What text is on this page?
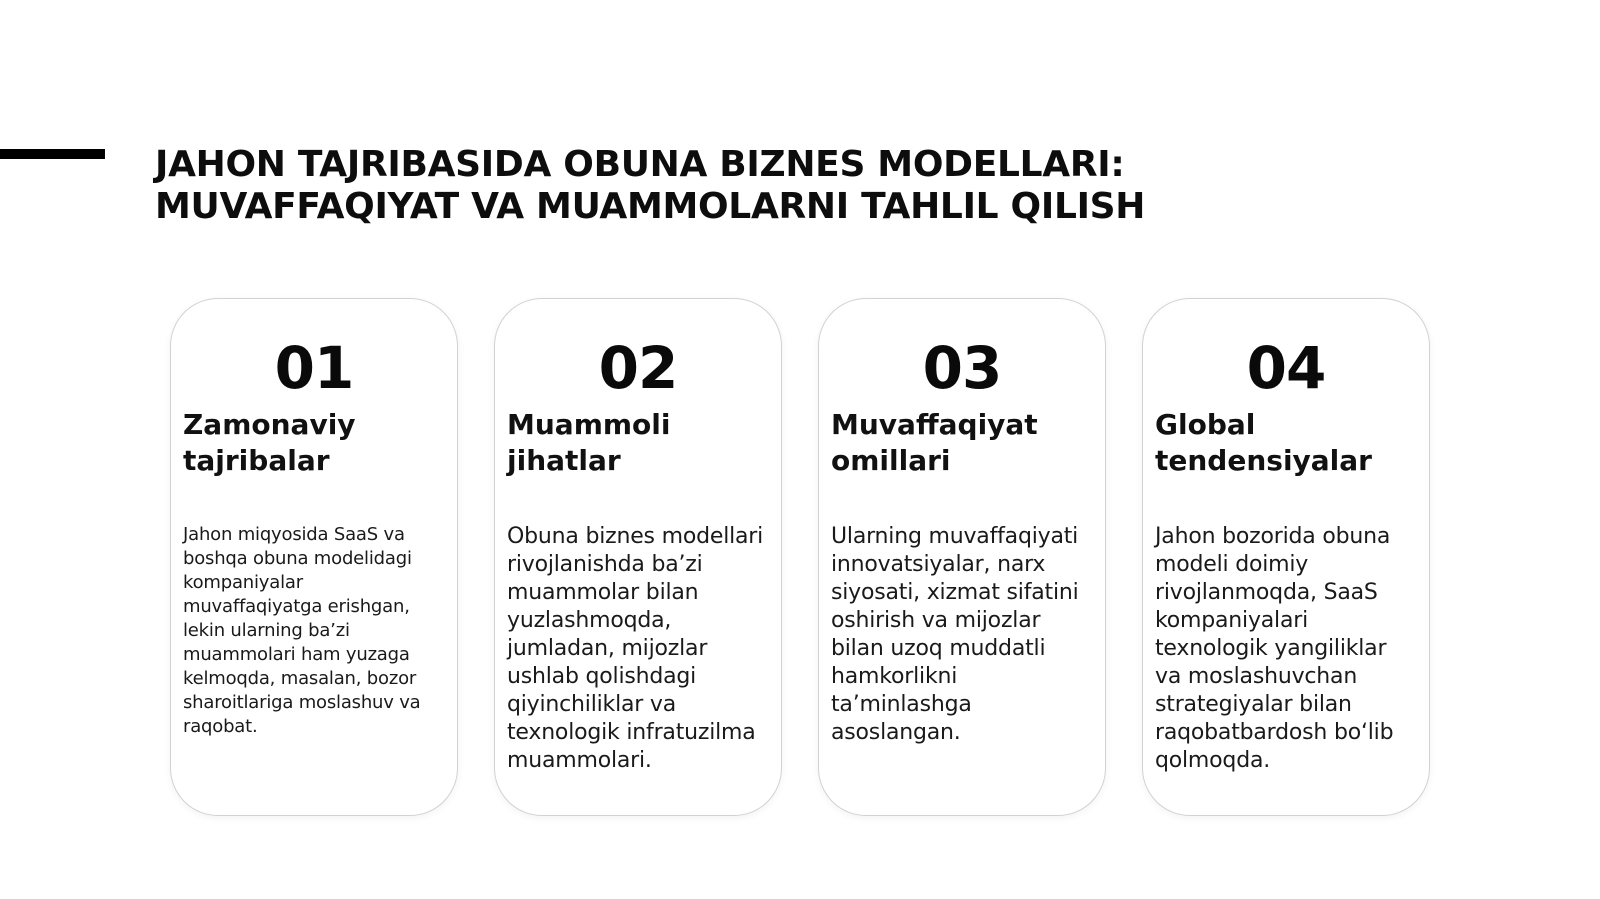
JAHON TAJRIBASIDA OBUNA BIZNES MODELLARI:
MUVAFFAQIYAT VA MUAMMOLARNI TAHLIL QILISH
01
Zamonaviy
tajribalar

Jahon miqyosida SaaS va
boshqa obuna modelidagi
kompaniyalar
muvaffaqiyatga erishgan,
lekin ularning ba’zi
muammolari ham yuzaga
kelmoqda, masalan, bozor
sharoitlariga moslashuv va
raqobat.

02
Muammoli
jihatlar

Obuna biznes modellari
rivojlanishda ba’zi
muammolar bilan
yuzlashmoqda,
jumladan, mijozlar
ushlab qolishdagi
qiyinchiliklar va
texnologik infratuzilma
muammolari.

03
Muvaffaqiyat
omillari

Ularning muvaffaqiyati
innovatsiyalar, narx
siyosati, xizmat sifatini
oshirish va mijozlar
bilan uzoq muddatli
hamkorlikni
ta’minlashga
asoslangan.

04
Global
tendensiyalar

Jahon bozorida obuna
modeli doimiy
rivojlanmoqda, SaaS
kompaniyalari
texnologik yangiliklar
va moslashuvchan
strategiyalar bilan
raqobatbardosh bo‘lib
qolmoqda.
